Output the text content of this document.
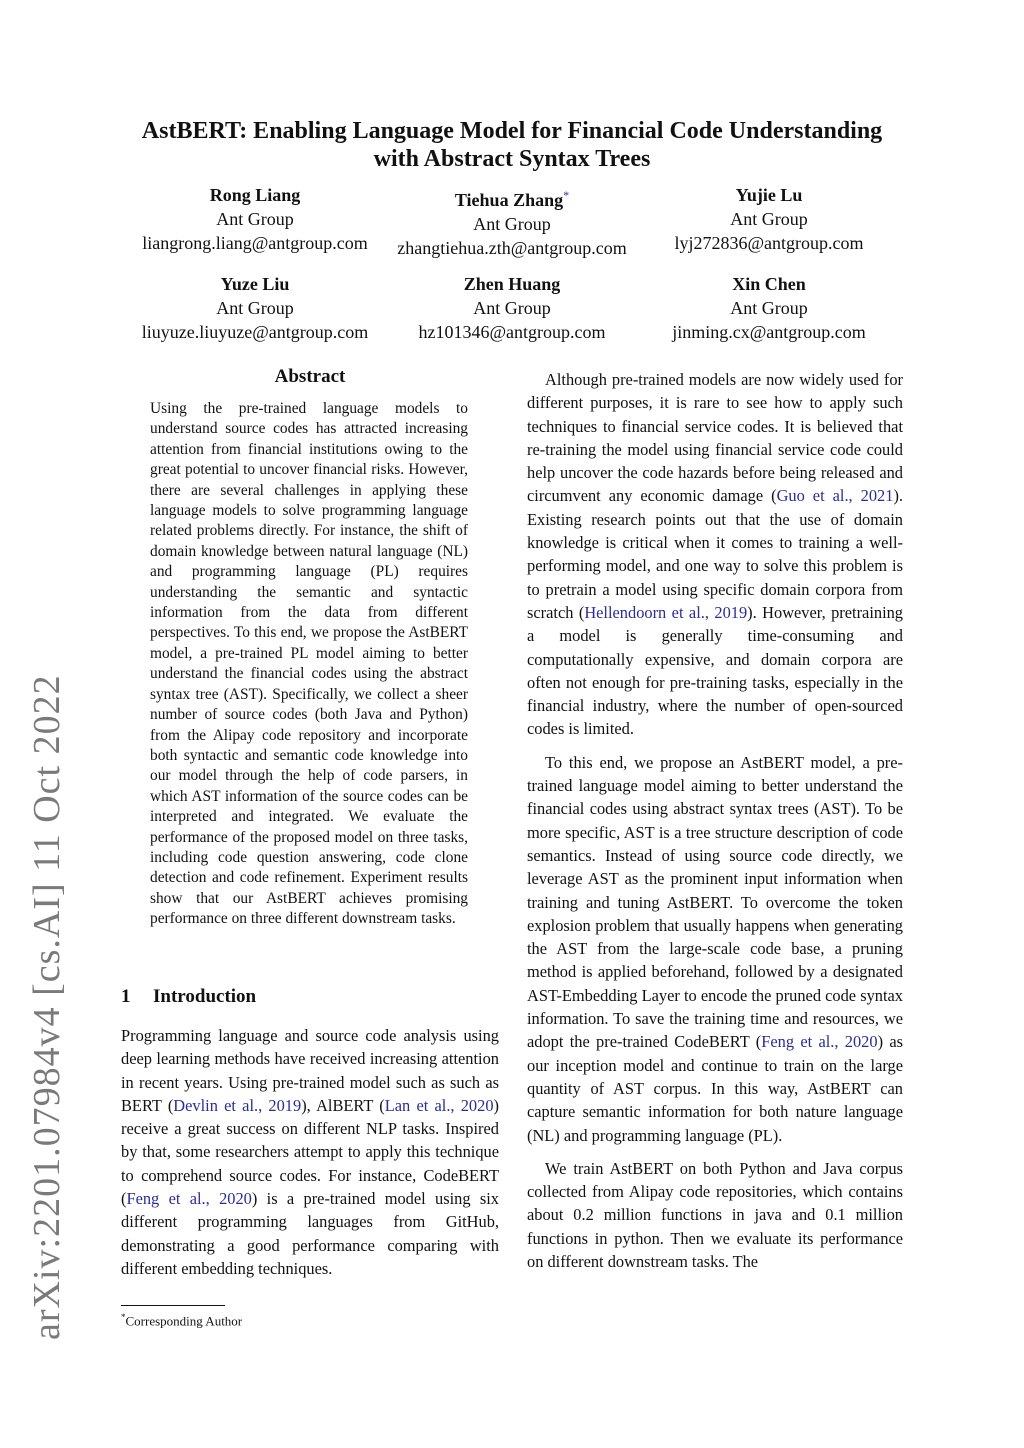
arXiv:2201.07984v4 [cs.AI] 11 Oct 2022
AstBERT: Enabling Language Model for Financial Code Understanding
with Abstract Syntax Trees
Rong Liang
Ant Group
liangrong.liang@antgroup.com
Tiehua Zhang*
Ant Group
zhangtiehua.zth@antgroup.com
Yujie Lu
Ant Group
lyj272836@antgroup.com
Yuze Liu
Ant Group
liuyuze.liuyuze@antgroup.com
Zhen Huang
Ant Group
hz101346@antgroup.com
Xin Chen
Ant Group
jinming.cx@antgroup.com
Abstract
Using the pre-trained language models to understand source codes has attracted increasing attention from financial institutions owing to the great potential to uncover financial risks. However, there are several challenges in applying these language models to solve programming language related problems directly. For instance, the shift of domain knowledge between natural language (NL) and programming language (PL) requires understanding the semantic and syntactic information from the data from different perspectives. To this end, we propose the AstBERT model, a pre-trained PL model aiming to better understand the financial codes using the abstract syntax tree (AST). Specifically, we collect a sheer number of source codes (both Java and Python) from the Alipay code repository and incorporate both syntactic and semantic code knowledge into our model through the help of code parsers, in which AST information of the source codes can be interpreted and integrated. We evaluate the performance of the proposed model on three tasks, including code question answering, code clone detection and code refinement. Experiment results show that our AstBERT achieves promising performance on three different downstream tasks.
1 Introduction

Programming language and source code analysis using deep learning methods have received increasing attention in recent years. Using pre-trained model such as such as BERT (Devlin et al., 2019), AlBERT (Lan et al., 2020) receive a great success on different NLP tasks. Inspired by that, some researchers attempt to apply this technique to comprehend source codes. For instance, CodeBERT (Feng et al., 2020) is a pre-trained model using six different programming languages from GitHub, demonstrating a good performance comparing with different embedding techniques.

*Corresponding Author

Although pre-trained models are now widely used for different purposes, it is rare to see how to apply such techniques to financial service codes. It is believed that re-training the model using financial service code could help uncover the code hazards before being released and circumvent any economic damage (Guo et al., 2021). Existing research points out that the use of domain knowledge is critical when it comes to training a well-performing model, and one way to solve this problem is to pretrain a model using specific domain corpora from scratch (Hellendoorn et al., 2019). However, pretraining a model is generally time-consuming and computationally expensive, and domain corpora are often not enough for pre-training tasks, especially in the financial industry, where the number of open-sourced codes is limited.

To this end, we propose an AstBERT model, a pre-trained language model aiming to better understand the financial codes using abstract syntax trees (AST). To be more specific, AST is a tree structure description of code semantics. Instead of using source code directly, we leverage AST as the prominent input information when training and tuning AstBERT. To overcome the token explosion problem that usually happens when generating the AST from the large-scale code base, a pruning method is applied beforehand, followed by a designated AST-Embedding Layer to encode the pruned code syntax information. To save the training time and resources, we adopt the pre-trained CodeBERT (Feng et al., 2020) as our inception model and continue to train on the large quantity of AST corpus. In this way, AstBERT can capture semantic information for both nature language (NL) and programming language (PL).

We train AstBERT on both Python and Java corpus collected from Alipay code repositories, which contains about 0.2 million functions in java and 0.1 million functions in python. Then we evaluate its performance on different downstream tasks. The
